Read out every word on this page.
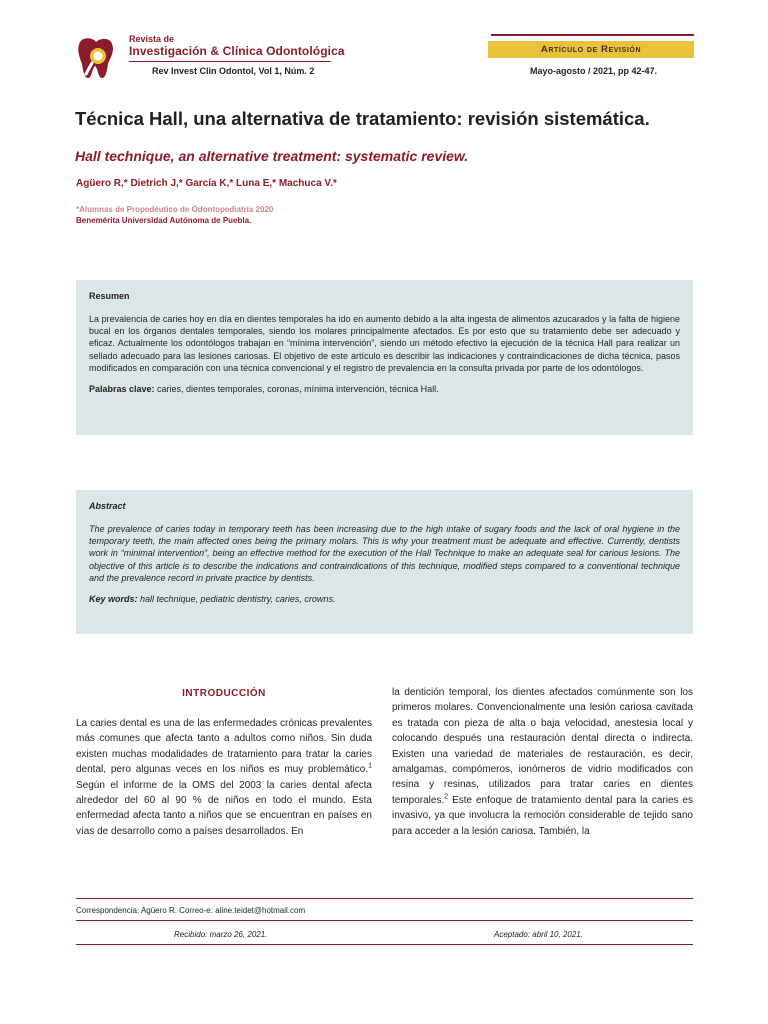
Revista de
Investigación & Clínica Odontológica
Rev Invest Clin Odontol, Vol 1, Núm. 2
Artículo de Revisión
Mayo-agosto / 2021, pp 42-47.
Técnica Hall, una alternativa de tratamiento: revisión sistemática.
Hall technique, an alternative treatment: systematic review.
Agüero R,* Dietrich J,* García K,* Luna E,* Machuca V.*
*Alumnas de Propedéutico de Odontopediatría 2020
Benemérita Universidad Autónoma de Puebla.
Resumen

La prevalencia de caries hoy en día en dientes temporales ha ido en aumento debido a la alta ingesta de alimentos azucarados y la falta de higiene bucal en los órganos dentales temporales, siendo los molares principalmente afectados. Es por esto que su tratamiento debe ser adecuado y eficaz. Actualmente los odontólogos trabajan en “mínima intervención”, siendo un método efectivo la ejecución de la técnica Hall para realizar un sellado adecuado para las lesiones cariosas. El objetivo de este artículo es describir las indicaciones y contraindicaciones de dicha técnica, pasos modificados en comparación con una técnica convencional y el registro de prevalencia en la consulta privada por parte de los odontólogos.

Palabras clave: caries, dientes temporales, coronas, mínima intervención, técnica Hall.
Abstract

The prevalence of caries today in temporary teeth has been increasing due to the high intake of sugary foods and the lack of oral hygiene in the temporary teeth, the main affected ones being the primary molars. This is why your treatment must be adequate and effective. Currently, dentists work in “minimal intervention”, being an effective method for the execution of the Hall Technique to make an adequate seal for carious lesions. The objective of this article is to describe the indications and contraindications of this technique, modified steps compared to a conventional technique and the prevalence record in private practice by dentists.

Key words: hall technique, pediatric dentistry, caries, crowns.
INTRODUCCIÓN

La caries dental es una de las enfermedades crónicas prevalentes más comunes que afecta tanto a adultos como niños. Sin duda existen muchas modalidades de tratamiento para tratar la caries dental, pero algunas veces en los niños es muy problemático.$^1$ Según el informe de la OMS del 2003 la caries dental afecta alrededor del 60 al 90 % de niños en todo el mundo. Esta enfermedad afecta tanto a niños que se encuentran en países en vías de desarrollo como a países desarrollados. En

la dentición temporal, los dientes afectados comúnmente son los primeros molares. Convencionalmente una lesión cariosa cavitada es tratada con pieza de alta o baja velocidad, anestesia local y colocando después una restauración dental directa o indirecta. Existen una variedad de materiales de restauración, es decir, amalgamas, compómeros, ionómeros de vidrio modificados con resina y resinas, utilizados para tratar caries en dientes temporales.$^2$ Este enfoque de tratamiento dental para la caries es invasivo, ya que involucra la remoción considerable de tejido sano para acceder a la lesión cariosa. También, la

Correspondencia: Agüero R. Correo-e: aline.teidet@hotmail.com
Recibido: marzo 26, 2021.	Aceptado: abril 10, 2021.
